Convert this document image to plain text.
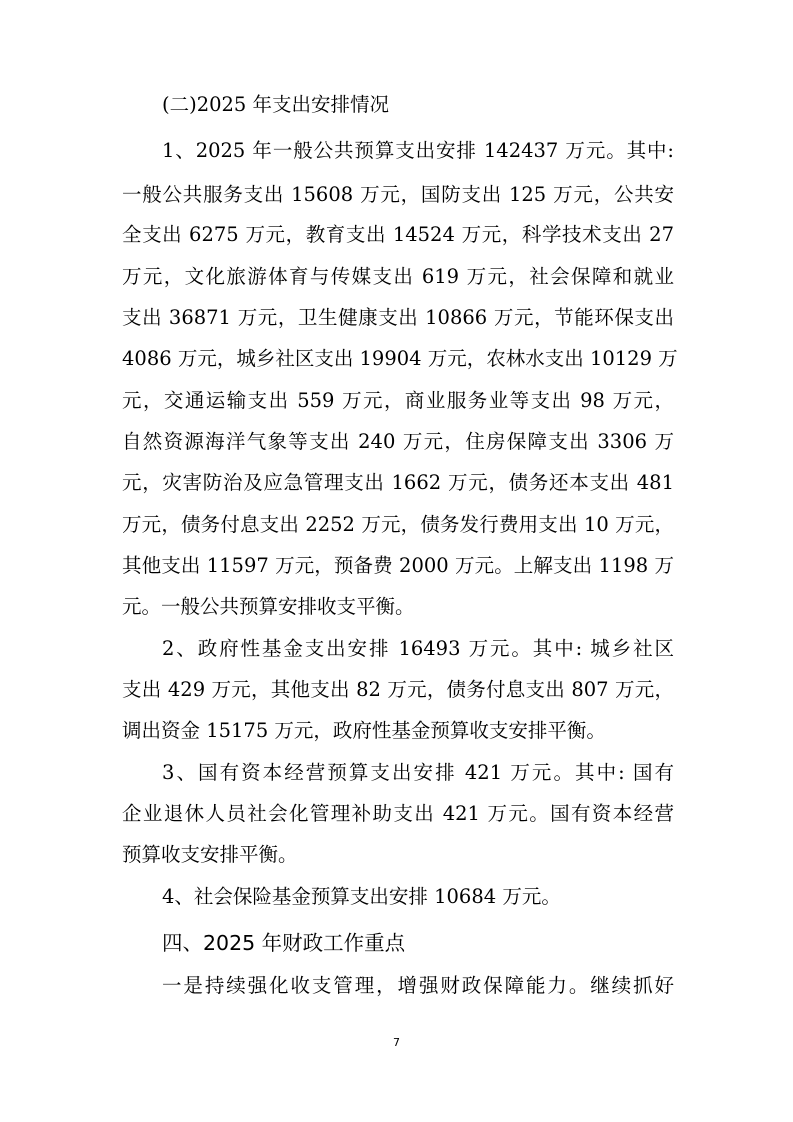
(二)2025 年支出安排情况
1、2025 年一般公共预算支出安排 142437 万元。其中:
一般公共服务支出 15608 万元，国防支出 125 万元，公共安
全支出 6275 万元，教育支出 14524 万元，科学技术支出 27
万元，文化旅游体育与传媒支出 619 万元，社会保障和就业
支出 36871 万元，卫生健康支出 10866 万元，节能环保支出
4086 万元，城乡社区支出 19904 万元，农林水支出 10129 万
元，交通运输支出 559 万元，商业服务业等支出 98 万元，
自然资源海洋气象等支出 240 万元，住房保障支出 3306 万
元，灾害防治及应急管理支出 1662 万元，债务还本支出 481
万元，债务付息支出 2252 万元，债务发行费用支出 10 万元，
其他支出 11597 万元，预备费 2000 万元。上解支出 1198 万
元。一般公共预算安排收支平衡。
2、政府性基金支出安排 16493 万元。其中: 城乡社区
支出 429 万元，其他支出 82 万元，债务付息支出 807 万元，
调出资金 15175 万元，政府性基金预算收支安排平衡。
3、国有资本经营预算支出安排 421 万元。其中: 国有
企业退休人员社会化管理补助支出 421 万元。国有资本经营
预算收支安排平衡。
4、社会保险基金预算支出安排 10684 万元。
四、2025 年财政工作重点
一是持续强化收支管理，增强财政保障能力。继续抓好
7
